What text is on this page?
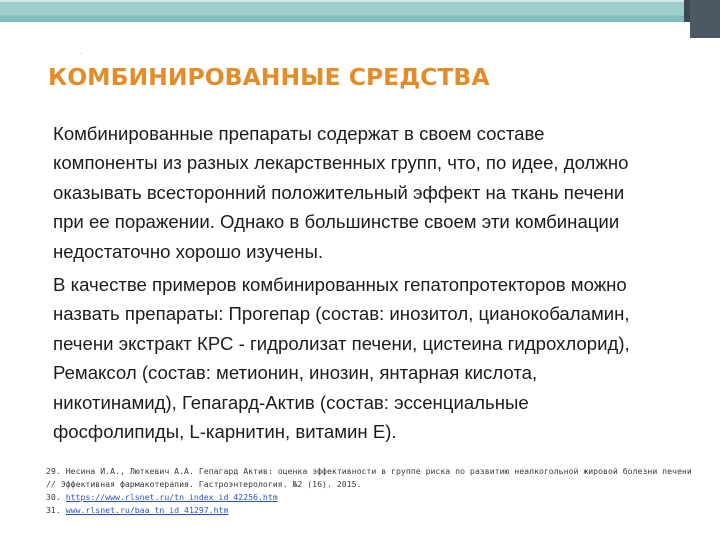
.
КОМБИНИРОВАННЫЕ СРЕДСТВА

Комбинированные препараты содержат в своем составе
компоненты из разных лекарственных групп, что, по идее, должно
оказывать всесторонний положительный эффект на ткань печени
при ее поражении. Однако в большинстве своем эти комбинации
недостаточно хорошо изучены.

В качестве примеров комбинированных гепатопротекторов можно
назвать препараты: Прогепар (состав: инозитол, цианокобаламин,
печени экстракт КРС - гидролизат печени, цистеина гидрохлорид),
Ремаксол (состав: метионин, инозин, янтарная кислота,
никотинамид), Гепагард-Актив (состав: эссенциальные
фосфолипиды, L-карнитин, витамин Е).

29. Несина И.А., Люткевич А.А. Гепагард Актив: оценка эффективности в группе риска по развитию неалкогольной жировой болезни печени
// Эффективная фармакотерапия. Гастроэнтерология. №2 (16). 2015.
30. https://www.rlsnet.ru/tn_index_id_42256.htm
31. www.rlsnet.ru/baa_tn_id_41297.htm
